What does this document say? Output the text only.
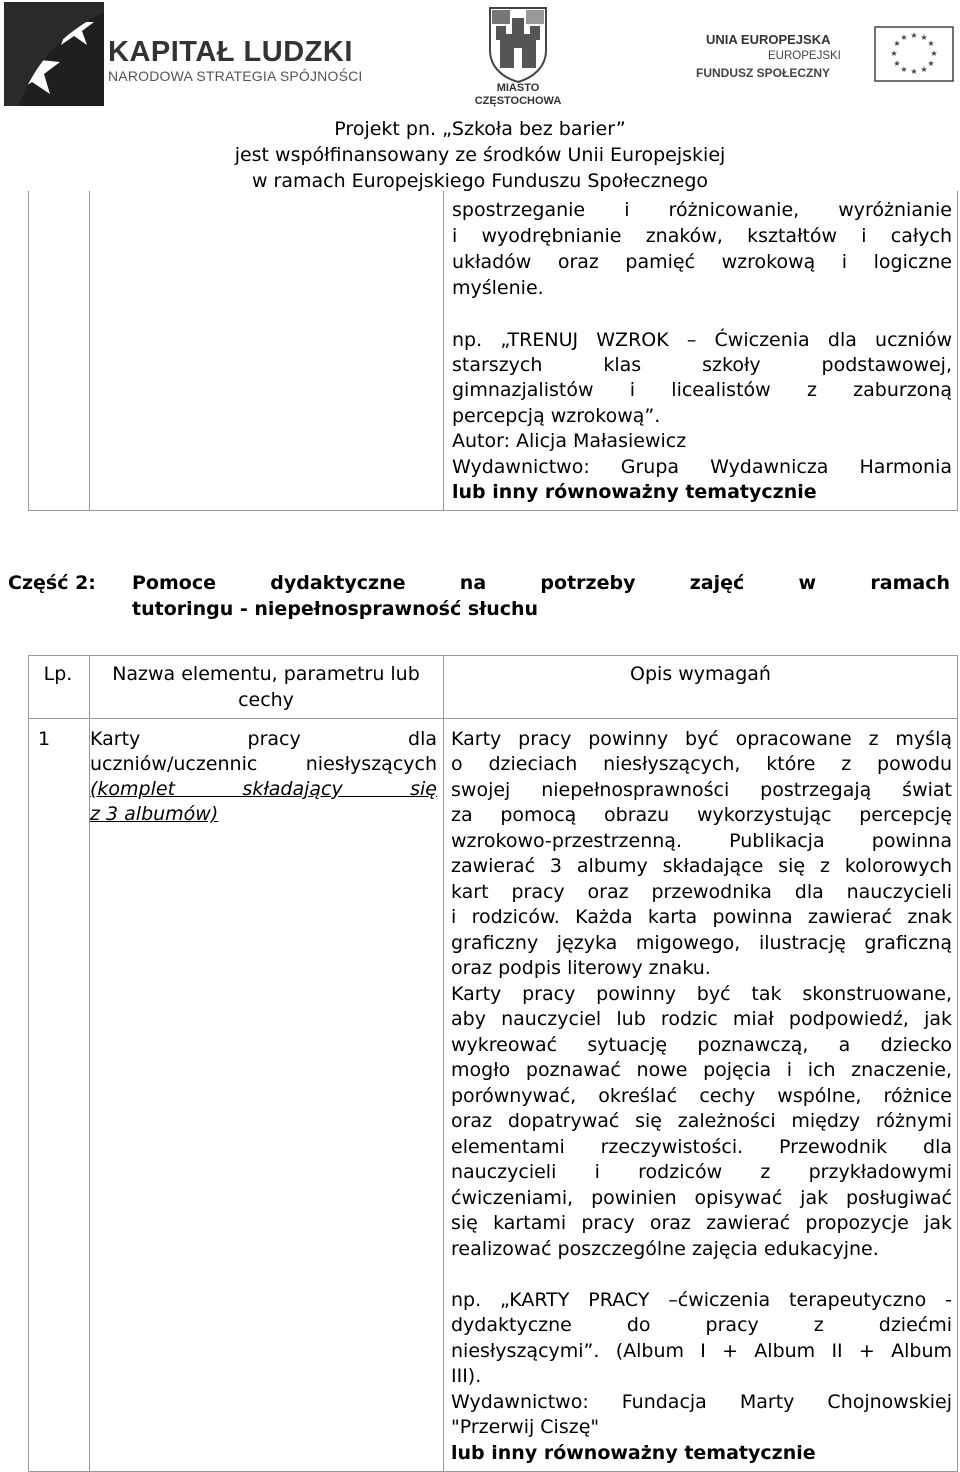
KAPITAŁ LUDZKI
NARODOWA STRATEGIA SPÓJNOŚCI
MIASTO
CZĘSTOCHOWA
UNIA EUROPEJSKA
EUROPEJSKI
FUNDUSZ SPOŁECZNY
★ ★
★
★
★
★
★
★
★
★
★
★
Projekt pn. „Szkoła bez barier”
jest współfinansowany ze środków Unii Europejskiej
w ramach Europejskiego Funduszu Społecznego
spostrzeganie i różnicowanie, wyróżnianie
i wyodrębnianie znaków, kształtów i całych
układów oraz pamięć wzrokową i logiczne
myślenie.
np. „TRENUJ WZROK – Ćwiczenia dla uczniów
starszych klas szkoły podstawowej,
gimnazjalistów i licealistów z zaburzoną
percepcją wzrokową”.
Autor: Alicja Małasiewicz
Wydawnictwo: Grupa Wydawnicza Harmonia
lub inny równoważny tematycznie
Część 2: Pomoce dydaktyczne na potrzeby zajęć w ramach
tutoringu - niepełnosprawność słuchu
Lp.	Nazwa elementu, parametru lub
cechy
Opis wymagań
1 Karty pracy dla
uczniów/uczennic niesłyszących
(komplet składający się
z 3 albumów)
Karty pracy powinny być opracowane z myślą
o dzieciach niesłyszących, które z powodu
swojej niepełnosprawności postrzegają świat
za pomocą obrazu wykorzystując percepcję
wzrokowo-przestrzenną. Publikacja powinna
zawierać 3 albumy składające się z kolorowych
kart pracy oraz przewodnika dla nauczycieli
i rodziców. Każda karta powinna zawierać znak
graficzny języka migowego, ilustrację graficzną
oraz podpis literowy znaku.
Karty pracy powinny być tak skonstruowane,
aby nauczyciel lub rodzic miał podpowiedź, jak
wykreować sytuację poznawczą, a dziecko
mogło poznawać nowe pojęcia i ich znaczenie,
porównywać, określać cechy wspólne, różnice
oraz dopatrywać się zależności między różnymi
elementami rzeczywistości. Przewodnik dla
nauczycieli i rodziców z przykładowymi
ćwiczeniami, powinien opisywać jak posługiwać
się kartami pracy oraz zawierać propozycje jak
realizować poszczególne zajęcia edukacyjne.
np. „KARTY PRACY –ćwiczenia terapeutyczno -
dydaktyczne do pracy z dziećmi
niesłyszącymi”. (Album I + Album II + Album
III).
Wydawnictwo: Fundacja Marty Chojnowskiej
"Przerwij Ciszę"
lub inny równoważny tematycznie
